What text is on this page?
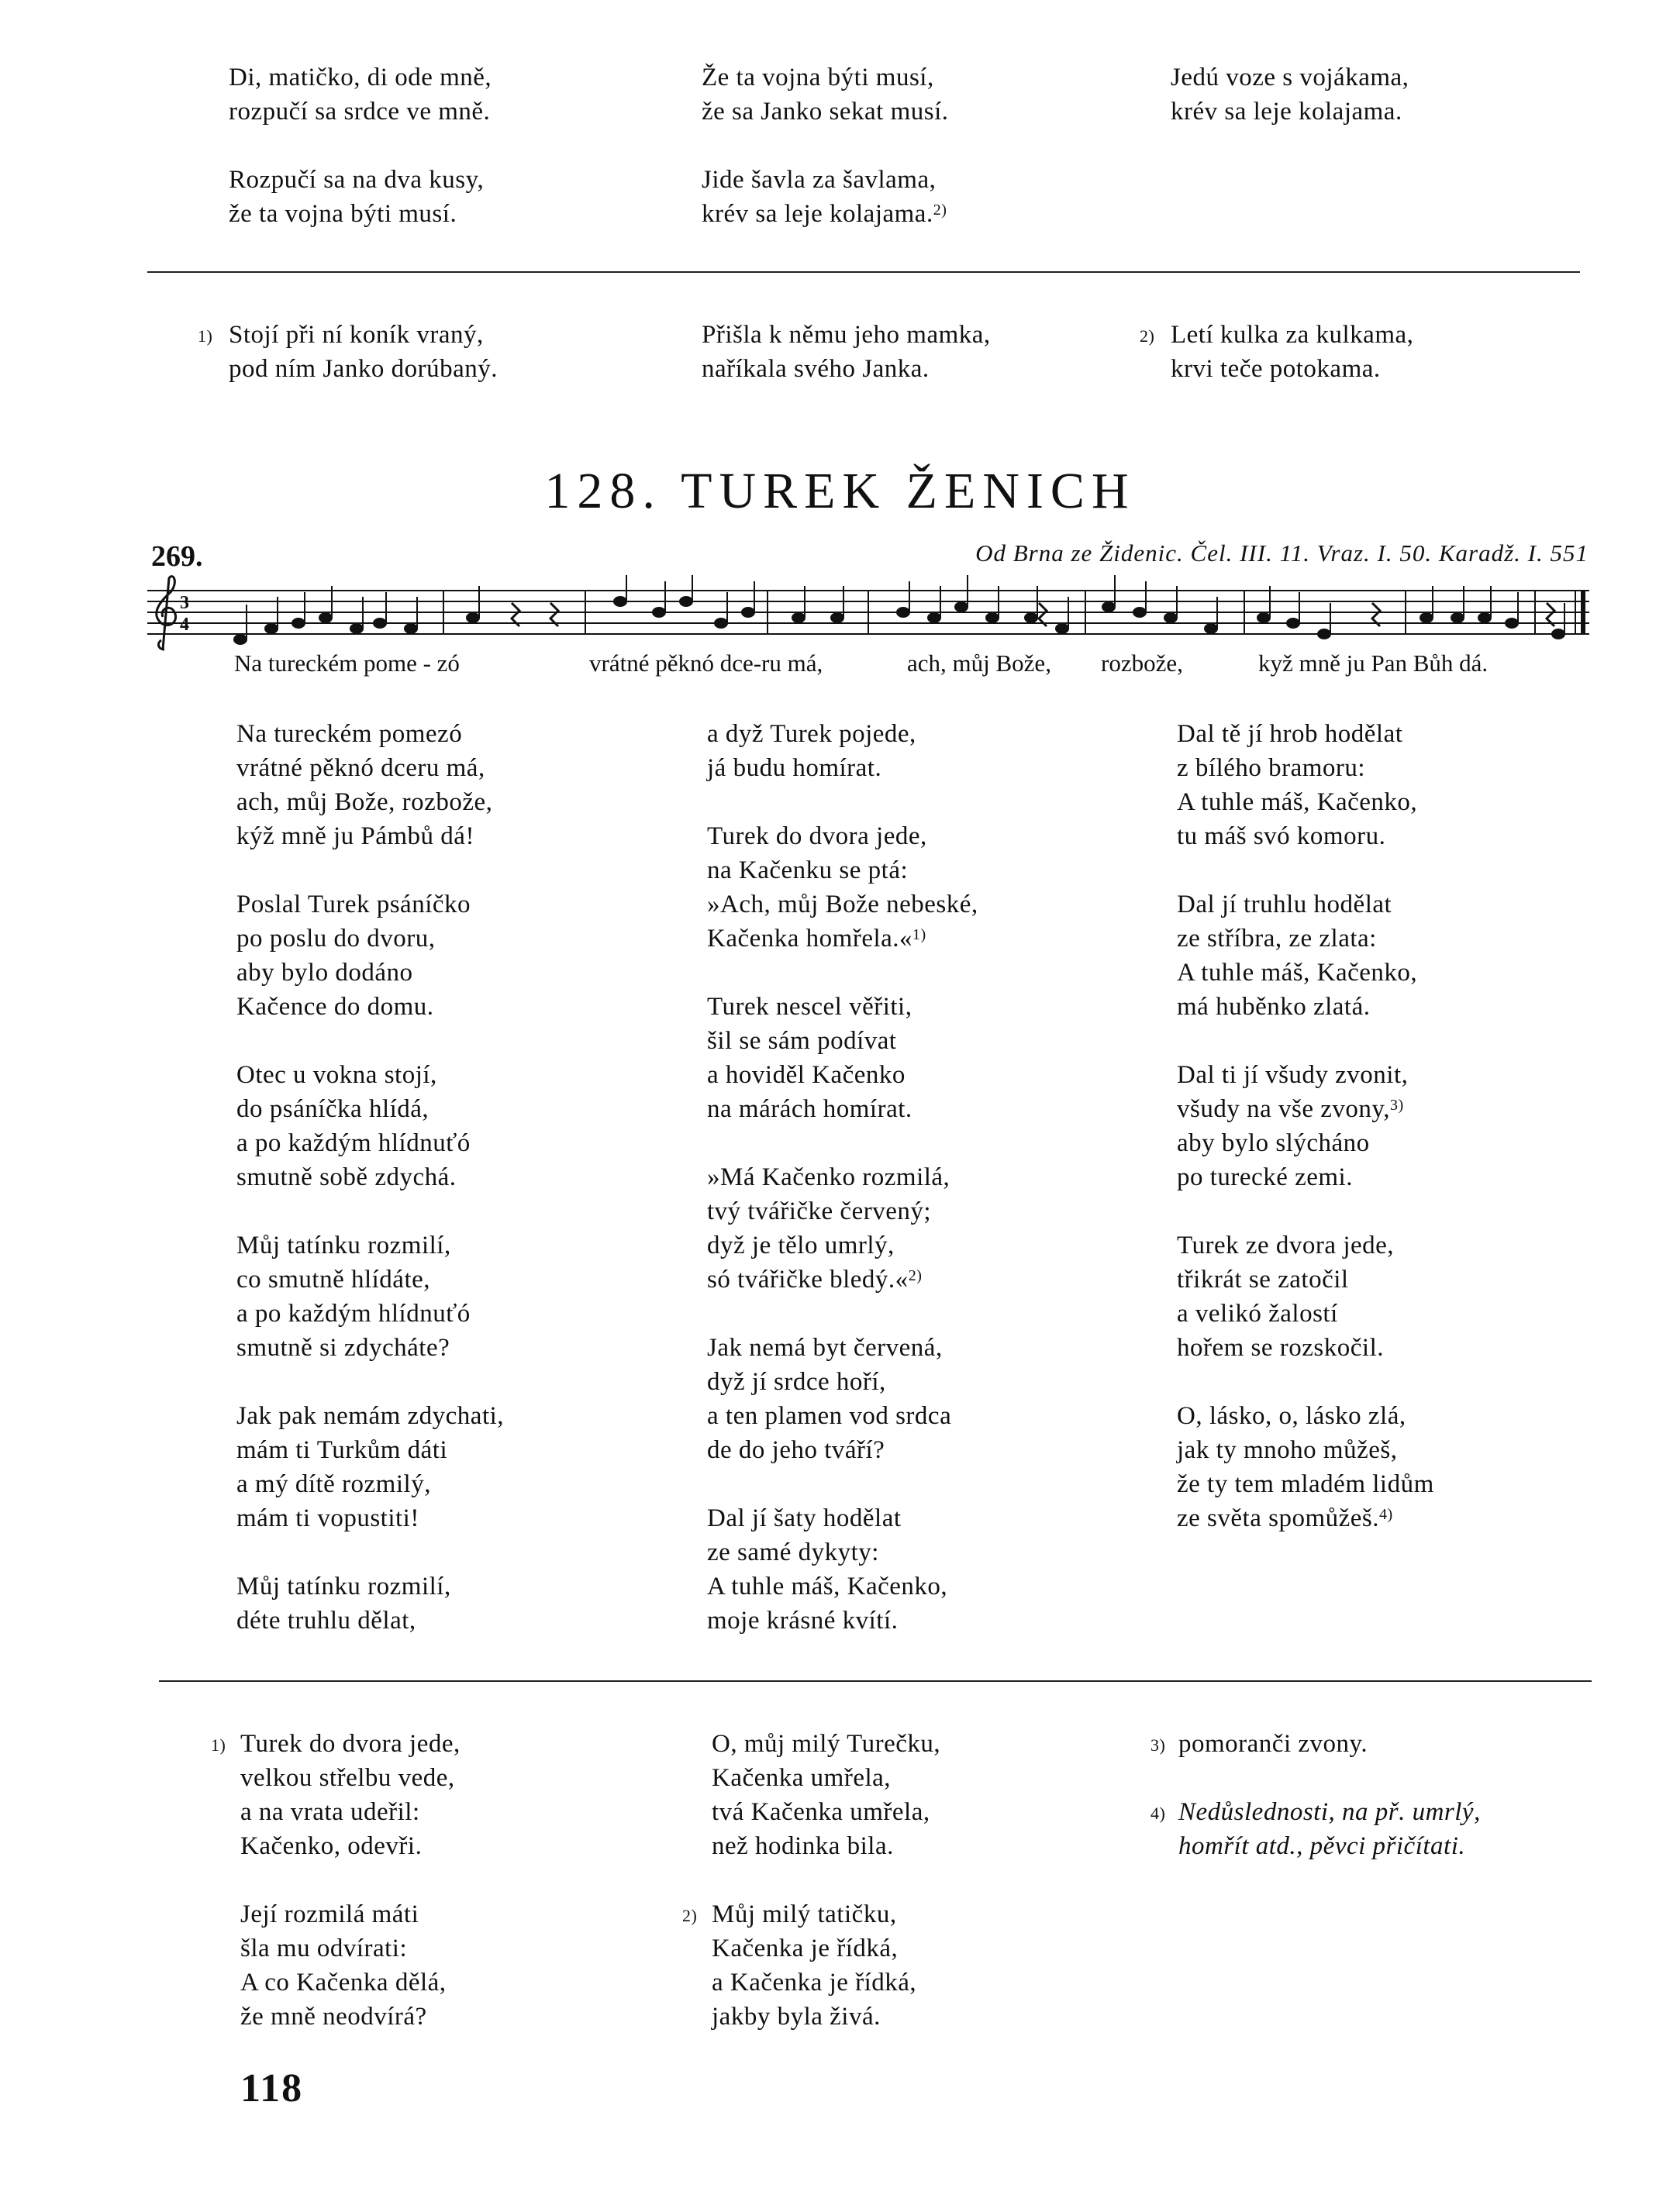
Di, matičko, di ode mně,
rozpučí sa srdce ve mně.
Rozpučí sa na dva kusy,
že ta vojna býti musí.
Že ta vojna býti musí,
že sa Janko sekat musí.
Jide šavla za šavlama,
krév sa leje kolajama.$^{2)}$
Jedú voze s vojákama,
krév sa leje kolajama.
1) Stojí při ní koník vraný,
pod ním Janko dorúbaný.
Přišla k němu jeho mamka,
naříkala svého Janka.
2) Letí kulka za kulkama,
krvi teče potokama.
128. TUREK ŽENICH
269.	Od Brna ze Židenic. Čel. III. 11. Vraz. I. 50. Karadž. I. 551
3
4
Na tureckém pome - zó	vrátné pěknó dce-ru má,	ach, můj Bože, rozbože,	kyž mně ju Pan Bůh dá.
Na tureckém pomezó
vrátné pěknó dceru má,
ach, můj Bože, rozbože,
kýž mně ju Pámbů dá!
Poslal Turek psáníčko
po poslu do dvoru,
aby bylo dodáno
Kačence do domu.
Otec u vokna stojí,
do psáníčka hlídá,
a po každým hlídnuťó
smutně sobě zdychá.
Můj tatínku rozmilí,
co smutně hlídáte,
a po každým hlídnuťó
smutně si zdycháte?
Jak pak nemám zdychati,
mám ti Turkům dáti
a mý dítě rozmilý,
mám ti vopustiti!
Můj tatínku rozmilí,
déte truhlu dělat,
a dyž Turek pojede,
já budu homírat.
Turek do dvora jede,
na Kačenku se ptá:
»Ach, můj Bože nebeské,
Kačenka homřela.«$^{1)}$
Turek nescel věřiti,
šil se sám podívat
a hoviděl Kačenko
na márách homírat.
»Má Kačenko rozmilá,
tvý tvářičke červený;
dyž je tělo umrlý,
só tvářičke bledý.«$^{2)}$
Jak nemá byt červená,
dyž jí srdce hoří,
a ten plamen vod srdca
de do jeho tváří?
Dal jí šaty hodělat
ze samé dykyty:
A tuhle máš, Kačenko,
moje krásné kvítí.
Dal tě jí hrob hodělat
z bílého bramoru:
A tuhle máš, Kačenko,
tu máš svó komoru.
Dal jí truhlu hodělat
ze stříbra, ze zlata:
A tuhle máš, Kačenko,
má huběnko zlatá.
Dal ti jí všudy zvonit,
všudy na vše zvony,$^{3)}$
aby bylo slýcháno
po turecké zemi.
Turek ze dvora jede,
třikrát se zatočil
a velikó žalostí
hořem se rozskočil.
O, lásko, o, lásko zlá,
jak ty mnoho můžeš,
že ty tem mladém lidům
ze světa spomůžeš.$^{4)}$
1) Turek do dvora jede,
velkou střelbu vede,
a na vrata udeřil:
Kačenko, odevři.
Její rozmilá máti
šla mu odvírati:
A co Kačenka dělá,
že mně neodvírá?
O, můj milý Turečku,
Kačenka umřela,
tvá Kačenka umřela,
než hodinka bila.
2) Můj milý tatičku,
Kačenka je řídká,
a Kačenka je řídká,
jakby byla živá.
3) pomoranči zvony.
4) Nedůslednosti, na př. umrlý,
homřít atd., pěvci přičítati.
118
